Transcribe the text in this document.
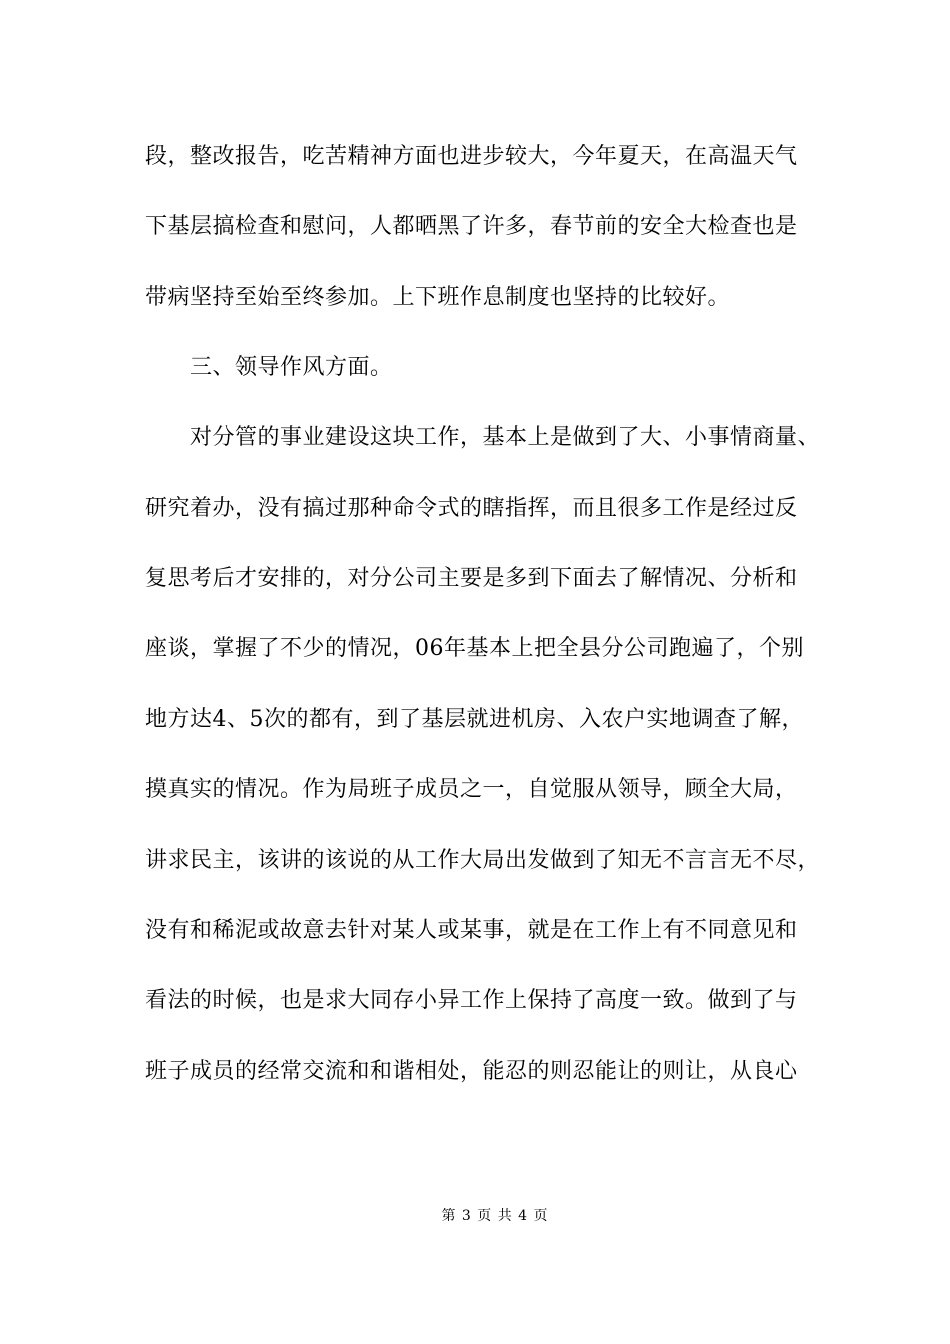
段，整改报告，吃苦精神方面也进步较大，今年夏天，在高温天气
下基层搞检查和慰问，人都晒黑了许多，春节前的安全大检查也是
带病坚持至始至终参加。上下班作息制度也坚持的比较好。
三、领导作风方面。
对分管的事业建设这块工作，基本上是做到了大、小事情商量、
研究着办，没有搞过那种命令式的瞎指挥，而且很多工作是经过反
复思考后才安排的，对分公司主要是多到下面去了解情况、分析和
座谈，掌握了不少的情况，06年基本上把全县分公司跑遍了，个别
地方达4、5次的都有，到了基层就进机房、入农户实地调查了解，
摸真实的情况。作为局班子成员之一，自觉服从领导，顾全大局，
讲求民主，该讲的该说的从工作大局出发做到了知无不言言无不尽，
没有和稀泥或故意去针对某人或某事，就是在工作上有不同意见和
看法的时候，也是求大同存小异工作上保持了高度一致。做到了与
班子成员的经常交流和和谐相处，能忍的则忍能让的则让，从良心
第 3 页 共 4 页
